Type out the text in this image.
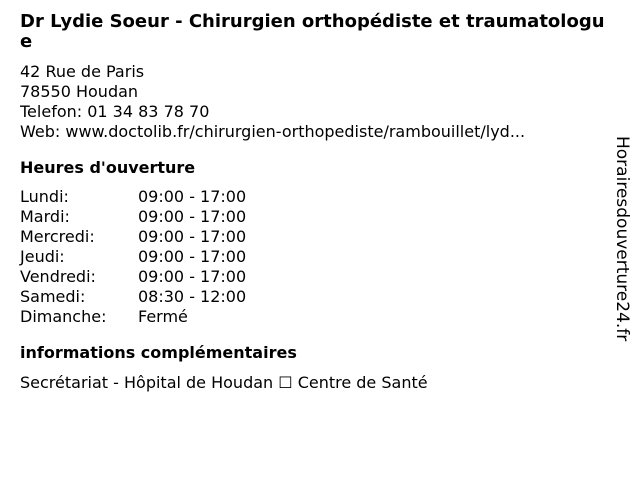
Dr Lydie Soeur - Chirurgien orthopédiste et traumatologue
42 Rue de Paris
78550 Houdan
Telefon: 01 34 83 78 70
Web: www.doctolib.fr/chirurgien-orthopediste/rambouillet/lyd...
Heures d'ouverture
Lundi:	09:00 - 17:00
Mardi:	09:00 - 17:00
Mercredi:	09:00 - 17:00
Jeudi:	09:00 - 17:00
Vendredi:	09:00 - 17:00
Samedi:	08:30 - 12:00
Dimanche:	Fermé
informations complémentaires
Secrétariat - Hôpital de Houdan ☐ Centre de Santé
Horairesdouverture24.fr
